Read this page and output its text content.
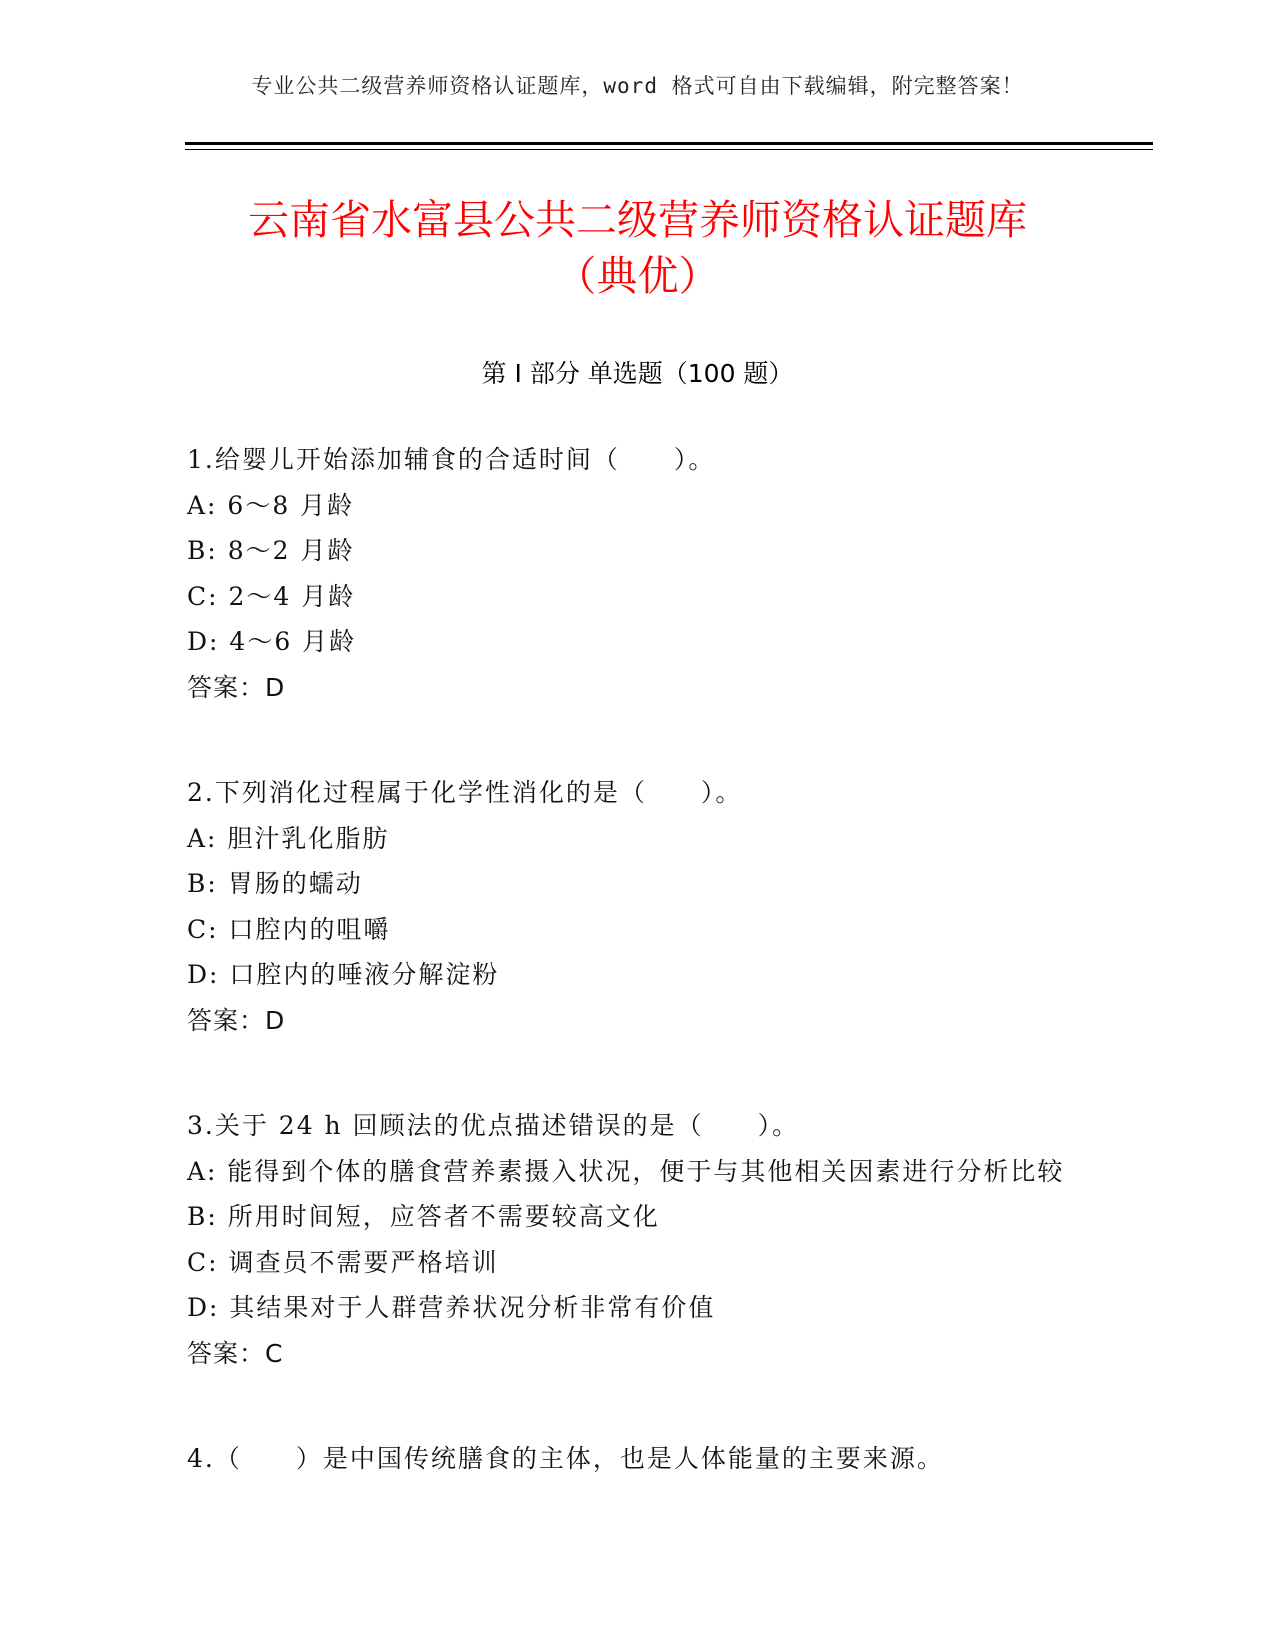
专业公共二级营养师资格认证题库，word 格式可自由下载编辑，附完整答案！
云南省水富县公共二级营养师资格认证题库
（典优）
第 I 部分 单选题（100 题）
1.给婴儿开始添加辅食的合适时间（　　）。
A: 6～8 月龄
B: 8～2 月龄
C: 2～4 月龄
D: 4～6 月龄
答案：D
2.下列消化过程属于化学性消化的是（　　）。
A: 胆汁乳化脂肪
B: 胃肠的蠕动
C: 口腔内的咀嚼
D: 口腔内的唾液分解淀粉
答案：D
3.关于 24 h 回顾法的优点描述错误的是（　　）。
A: 能得到个体的膳食营养素摄入状况，便于与其他相关因素进行分析比较
B: 所用时间短，应答者不需要较高文化
C: 调查员不需要严格培训
D: 其结果对于人群营养状况分析非常有价值
答案：C
4.（　　）是中国传统膳食的主体，也是人体能量的主要来源。
